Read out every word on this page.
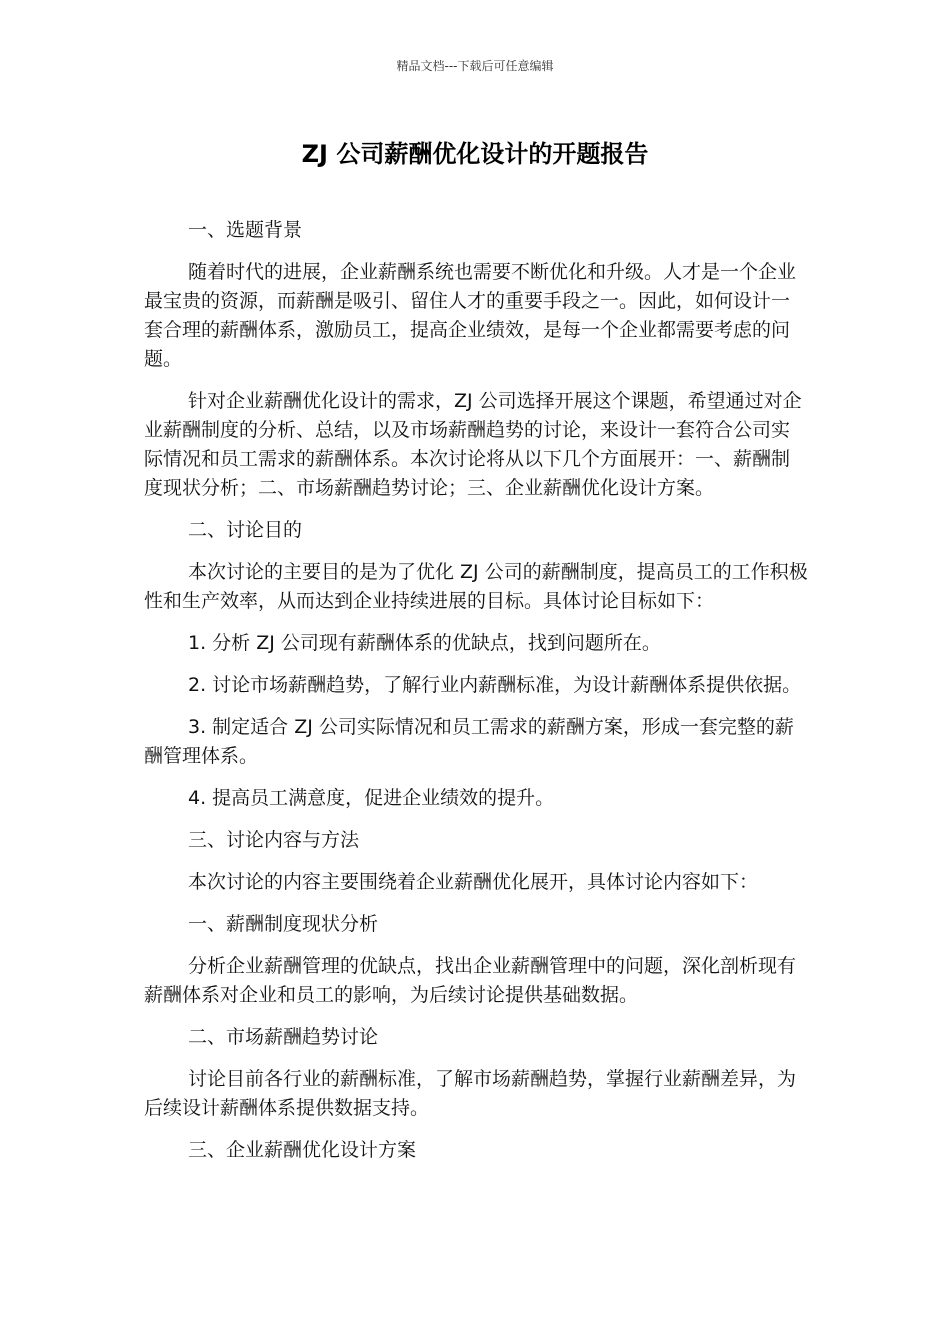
精品文档---下载后可任意编辑
ZJ 公司薪酬优化设计的开题报告

一、选题背景

随着时代的进展，企业薪酬系统也需要不断优化和升级。人才是一个企业最宝贵的资源，而薪酬是吸引、留住人才的重要手段之一。因此，如何设计一套合理的薪酬体系，激励员工，提高企业绩效，是每一个企业都需要考虑的问题。

针对企业薪酬优化设计的需求，ZJ 公司选择开展这个课题，希望通过对企业薪酬制度的分析、总结，以及市场薪酬趋势的讨论，来设计一套符合公司实际情况和员工需求的薪酬体系。本次讨论将从以下几个方面展开：一、薪酬制度现状分析；二、市场薪酬趋势讨论；三、企业薪酬优化设计方案。

二、讨论目的

本次讨论的主要目的是为了优化 ZJ 公司的薪酬制度，提高员工的工作积极性和生产效率，从而达到企业持续进展的目标。具体讨论目标如下：

1. 分析 ZJ 公司现有薪酬体系的优缺点，找到问题所在。

2. 讨论市场薪酬趋势，了解行业内薪酬标准，为设计薪酬体系提供依据。

3. 制定适合 ZJ 公司实际情况和员工需求的薪酬方案，形成一套完整的薪酬管理体系。

4. 提高员工满意度，促进企业绩效的提升。

三、讨论内容与方法

本次讨论的内容主要围绕着企业薪酬优化展开，具体讨论内容如下：

一、薪酬制度现状分析

分析企业薪酬管理的优缺点，找出企业薪酬管理中的问题，深化剖析现有薪酬体系对企业和员工的影响，为后续讨论提供基础数据。

二、市场薪酬趋势讨论

讨论目前各行业的薪酬标准，了解市场薪酬趋势，掌握行业薪酬差异，为后续设计薪酬体系提供数据支持。

三、企业薪酬优化设计方案
